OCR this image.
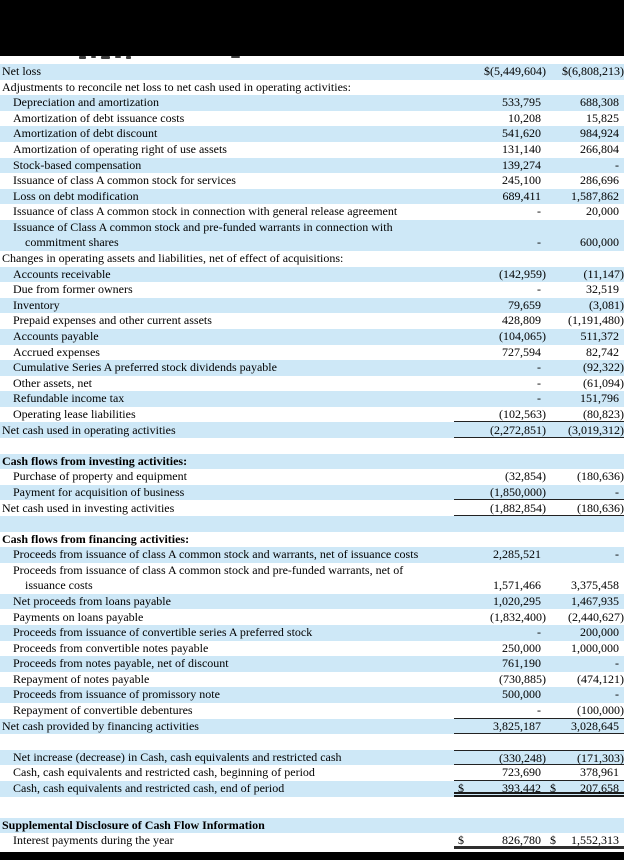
Net loss	$(5,449,604) $(6,808,213)
Adjustments to reconcile net loss to net cash used in operating activities:
Depreciation and amortization	533,795	688,308
Amortization of debt issuance costs	10,208	15,825
Amortization of debt discount	541,620	984,924
Amortization of operating right of use assets	131,140	266,804
Stock-based compensation	139,274	-
Issuance of class A common stock for services	245,100	286,696
Loss on debt modification	689,411	1,587,862
Issuance of class A common stock in connection with general release agreement	-	20,000
Issuance of Class A common stock and pre-funded warrants in connection with
commitment shares	-	600,000
Changes in operating assets and liabilities, net of effect of acquisitions:
Accounts receivable	(142,959)	(11,147)
Due from former owners	-	32,519
Inventory	79,659	(3,081)
Prepaid expenses and other current assets	428,809	(1,191,480)
Accounts payable	(104,065)	511,372
Accrued expenses	727,594	82,742
Cumulative Series A preferred stock dividends payable	-	(92,322)
Other assets, net	-	(61,094)
Refundable income tax	-	151,796
Operating lease liabilities	(102,563)	(80,823)
Net cash used in operating activities	(2,272,851) (3,019,312)
Cash flows from investing activities:
Purchase of property and equipment	(32,854)	(180,636)
Payment for acquisition of business	(1,850,000)	-
Net cash used in investing activities	(1,882,854)	(180,636)
Cash flows from financing activities:
Proceeds from issuance of class A common stock and warrants, net of issuance costs	2,285,521	-
Proceeds from issuance of class A common stock and pre-funded warrants, net of
issuance costs	1,571,466	3,375,458
Net proceeds from loans payable	1,020,295	1,467,935
Payments on loans payable	(1,832,400) (2,440,627)
Proceeds from issuance of convertible series A preferred stock	-	200,000
Proceeds from convertible notes payable	250,000	1,000,000
Proceeds from notes payable, net of discount	761,190	-
Repayment of notes payable	(730,885)	(474,121)
Proceeds from issuance of promissory note	500,000	-
Repayment of convertible debentures	-	(100,000)
Net cash provided by financing activities	3,825,187	3,028,645
Net increase (decrease) in Cash, cash equivalents and restricted cash	(330,248)	(171,303)
Cash, cash equivalents and restricted cash, beginning of period	723,690	378,961
Cash, cash equivalents and restricted cash, end of period	$	393,442 $ 207,658
Supplemental Disclosure of Cash Flow Information
Interest payments during the year	$	826,780 $ 1,552,313
